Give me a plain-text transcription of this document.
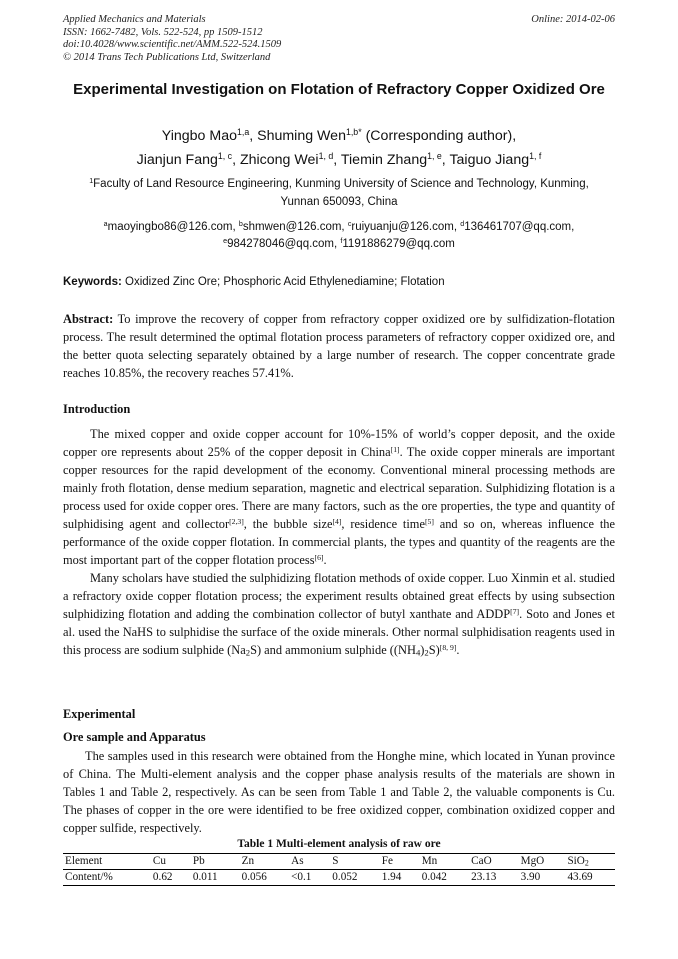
Applied Mechanics and Materials
ISSN: 1662-7482, Vols. 522-524, pp 1509-1512
doi:10.4028/www.scientific.net/AMM.522-524.1509
© 2014 Trans Tech Publications Ltd, Switzerland
Online: 2014-02-06
Experimental Investigation on Flotation of Refractory Copper Oxidized Ore
Yingbo Mao$^{1,a}$, Shuming Wen$^{1,b*}$ (Corresponding author),
Jianjun Fang$^{1, c}$, Zhicong Wei$^{1, d}$, Tiemin Zhang$^{1, e}$, Taiguo Jiang$^{1, f}$
$^1$Faculty of Land Resource Engineering, Kunming University of Science and Technology, Kunming,
Yunnan 650093, China
$^a$maoyingbo86@126.com, $^b$shmwen@126.com, $^c$ruiyuanju@126.com, $^d$136461707@qq.com,
$^e$984278046@qq.com, $^f$1191886279@qq.com
Keywords: Oxidized Zinc Ore; Phosphoric Acid Ethylenediamine; Flotation
Abstract: To improve the recovery of copper from refractory copper oxidized ore by sulfidization-flotation process. The result determined the optimal flotation process parameters of refractory copper oxidized ore, and the better quota selecting separately obtained by a large number of research. The copper concentrate grade reaches 10.85%, the recovery reaches 57.41%.
Introduction

The mixed copper and oxide copper account for 10%-15% of world’s copper deposit, and the oxide copper ore represents about 25% of the copper deposit in China[1]. The oxide copper minerals are important copper resources for the rapid development of the economy. Conventional mineral processing methods are mainly froth flotation, dense medium separation, magnetic and electrical separation. Sulphidizing flotation is a process used for oxide copper ores. There are many factors, such as the ore properties, the type and quantity of sulphidising agent and collector[2,3], the bubble size[4], residence time[5] and so on, whereas influence the performance of the oxide copper flotation. In commercial plants, the types and quantity of the reagents are the most important part of the copper flotation process[6].

Many scholars have studied the sulphidizing flotation methods of oxide copper. Luo Xinmin et al. studied a refractory oxide copper flotation process; the experiment results obtained great effects by using subsection sulphidizing flotation and adding the combination collector of butyl xanthate and ADDP[7]. Soto and Jones et al. used the NaHS to sulphidise the surface of the oxide minerals. Other normal sulphidisation reagents used in this process are sodium sulphide $(Na_2S)$ and ammonium sulphide $((NH_4)_2S)[8, 9]$.

Experimental
Ore sample and Apparatus

The samples used in this research were obtained from the Honghe mine, which located in Yunan province of China. The Multi-element analysis and the copper phase analysis results of the materials are shown in Tables 1 and Table 2, respectively. As can be seen from Table 1 and Table 2, the valuable components is Cu. The phases of copper in the ore were identified to be free oxidized copper, combination oxidized copper and copper sulfide, respectively.

Table 1 Multi-element analysis of raw ore
Element	Cu	Pb	Zn	As	S	Fe	Mn	CaO	MgO	SiO$_2$
Content/%	0.62	0.011	0.056	<0.1	0.052	1.94	0.042	23.13	3.90	43.69
